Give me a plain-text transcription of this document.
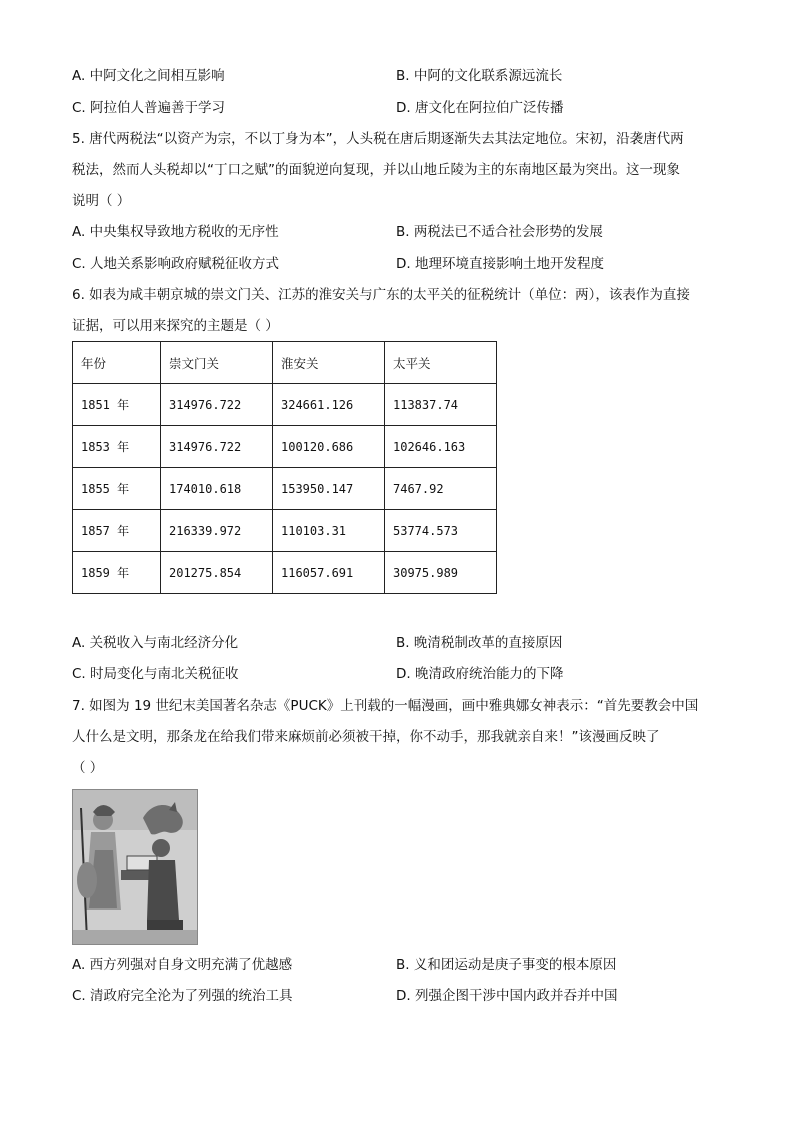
A. 中阿文化之间相互影响	B. 中阿的文化联系源远流长
C. 阿拉伯人普遍善于学习	D. 唐文化在阿拉伯广泛传播
5. 唐代两税法“以资产为宗，不以丁身为本”，人头税在唐后期逐渐失去其法定地位。宋初，沿袭唐代两
税法，然而人头税却以“丁口之赋”的面貌逆向复现，并以山地丘陵为主的东南地区最为突出。这一现象
说明（ ）
A. 中央集权导致地方税收的无序性	B. 两税法已不适合社会形势的发展
C. 人地关系影响政府赋税征收方式	D. 地理环境直接影响土地开发程度
6. 如表为咸丰朝京城的崇文门关、江苏的淮安关与广东的太平关的征税统计（单位：两），该表作为直接
证据，可以用来探究的主题是（ ）
年份	崇文门关	淮安关	太平关
1851 年	314976.722	324661.126	113837.74
1853 年	314976.722	100120.686	102646.163
1855 年	174010.618	153950.147	7467.92
1857 年	216339.972	110103.31	53774.573
1859 年	201275.854	116057.691	30975.989
A. 关税收入与南北经济分化	B. 晚清税制改革的直接原因
C. 时局变化与南北关税征收	D. 晚清政府统治能力的下降
7. 如图为 19 世纪末美国著名杂志《PUCK》上刊载的一幅漫画，画中雅典娜女神表示：“首先要教会中国
人什么是文明，那条龙在给我们带来麻烦前必须被干掉，你不动手，那我就亲自来！”该漫画反映了
（ ）
A. 西方列强对自身文明充满了优越感	B. 义和团运动是庚子事变的根本原因
C. 清政府完全沦为了列强的统治工具	D. 列强企图干涉中国内政并吞并中国
